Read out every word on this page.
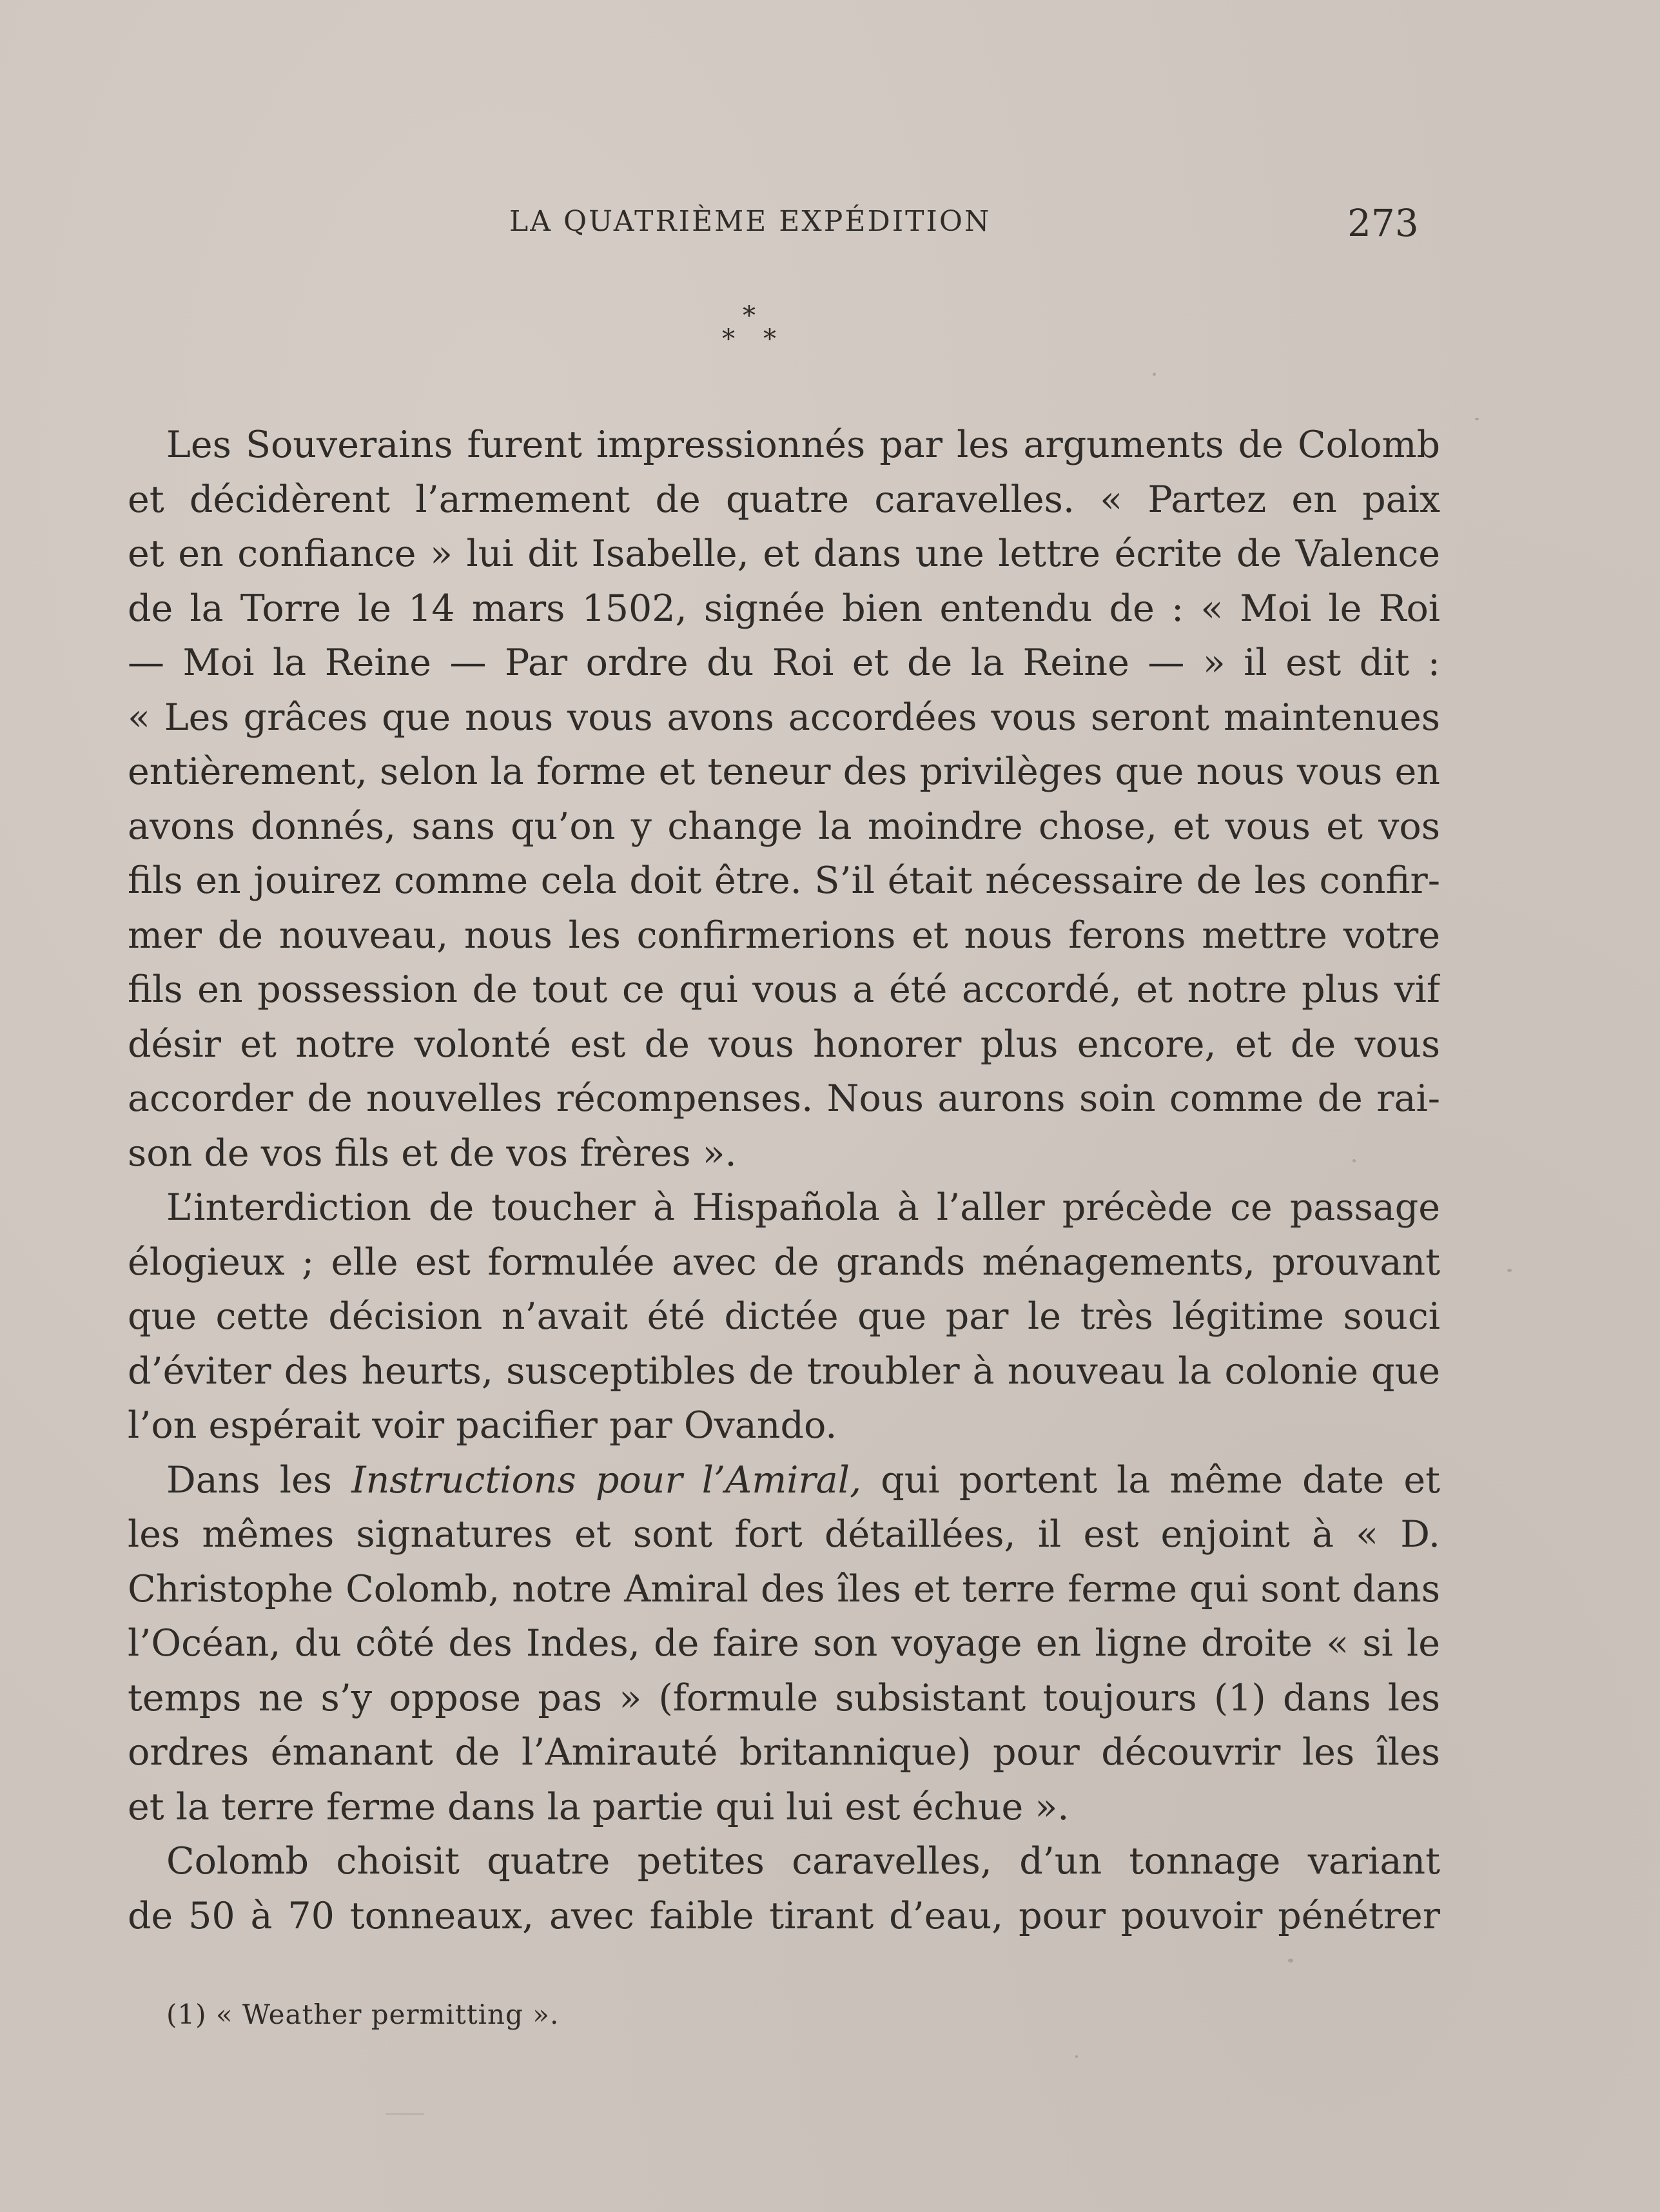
LA QUATRIÈME EXPÉDITION	273
*
* *
Les Souverains furent impressionnés par les arguments de Colomb
et décidèrent l’armement de quatre caravelles. « Partez en paix
et en confiance » lui dit Isabelle, et dans une lettre écrite de Valence
de la Torre le 14 mars 1502, signée bien entendu de : « Moi le Roi
— Moi la Reine — Par ordre du Roi et de la Reine — » il est dit :
« Les grâces que nous vous avons accordées vous seront maintenues
entièrement, selon la forme et teneur des privilèges que nous vous en
avons donnés, sans qu’on y change la moindre chose, et vous et vos
fils en jouirez comme cela doit être. S’il était nécessaire de les confir-
mer de nouveau, nous les confirmerions et nous ferons mettre votre
fils en possession de tout ce qui vous a été accordé, et notre plus vif
désir et notre volonté est de vous honorer plus encore, et de vous
accorder de nouvelles récompenses. Nous aurons soin comme de rai-
son de vos fils et de vos frères ».
L’interdiction de toucher à Hispañola à l’aller précède ce passage
élogieux ; elle est formulée avec de grands ménagements, prouvant
que cette décision n’avait été dictée que par le très légitime souci
d’éviter des heurts, susceptibles de troubler à nouveau la colonie que
l’on espérait voir pacifier par Ovando.
Dans les Instructions pour l’Amiral, qui portent la même date et
les mêmes signatures et sont fort détaillées, il est enjoint à « D.
Christophe Colomb, notre Amiral des îles et terre ferme qui sont dans
l’Océan, du côté des Indes, de faire son voyage en ligne droite « si le
temps ne s’y oppose pas » (formule subsistant toujours (1) dans les
ordres émanant de l’Amirauté britannique) pour découvrir les îles
et la terre ferme dans la partie qui lui est échue ».
Colomb choisit quatre petites caravelles, d’un tonnage variant
de 50 à 70 tonneaux, avec faible tirant d’eau, pour pouvoir pénétrer
(1) « Weather permitting ».
